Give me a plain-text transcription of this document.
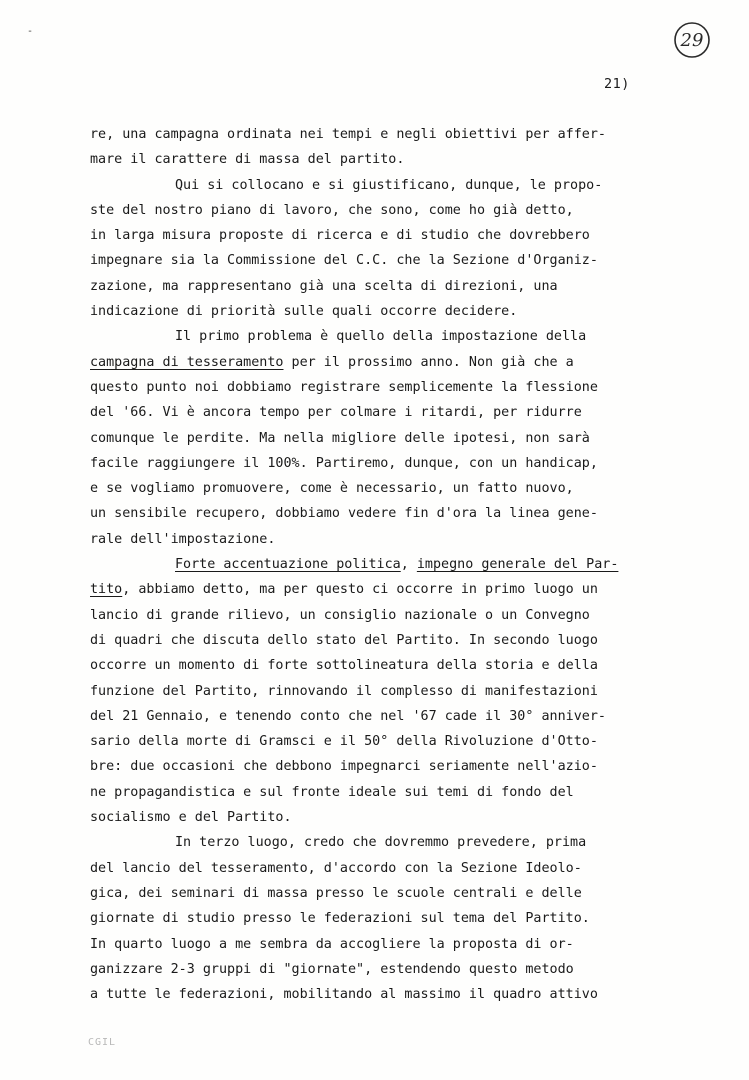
-	29
21)
re, una campagna ordinata nei tempi e negli obiettivi per affer-
mare il carattere di massa del partito.
Qui si collocano e si giustificano, dunque, le propo-
ste del nostro piano di lavoro, che sono, come ho già detto,
in larga misura proposte di ricerca e di studio che dovrebbero
impegnare sia la Commissione del C.C. che la Sezione d'Organiz-
zazione, ma rappresentano già una scelta di direzioni, una
indicazione di priorità sulle quali occorre decidere.
Il primo problema è quello della impostazione della
campagna di tesseramento per il prossimo anno. Non già che a
questo punto noi dobbiamo registrare semplicemente la flessione
del '66. Vi è ancora tempo per colmare i ritardi, per ridurre
comunque le perdite. Ma nella migliore delle ipotesi, non sarà
facile raggiungere il 100%. Partiremo, dunque, con un handicap,
e se vogliamo promuovere, come è necessario, un fatto nuovo,
un sensibile recupero, dobbiamo vedere fin d'ora la linea gene-
rale dell'impostazione.
Forte accentuazione politica, impegno generale del Par-
tito, abbiamo detto, ma per questo ci occorre in primo luogo un
lancio di grande rilievo, un consiglio nazionale o un Convegno
di quadri che discuta dello stato del Partito. In secondo luogo
occorre un momento di forte sottolineatura della storia e della
funzione del Partito, rinnovando il complesso di manifestazioni
del 21 Gennaio, e tenendo conto che nel '67 cade il 30° anniver-
sario della morte di Gramsci e il 50° della Rivoluzione d'Otto-
bre: due occasioni che debbono impegnarci seriamente nell'azio-
ne propagandistica e sul fronte ideale sui temi di fondo del
socialismo e del Partito.
In terzo luogo, credo che dovremmo prevedere, prima
del lancio del tesseramento, d'accordo con la Sezione Ideolo-
gica, dei seminari di massa presso le scuole centrali e delle
giornate di studio presso le federazioni sul tema del Partito.
In quarto luogo a me sembra da accogliere la proposta di or-
ganizzare 2-3 gruppi di "giornate", estendendo questo metodo
a tutte le federazioni, mobilitando al massimo il quadro attivo
CGIL
